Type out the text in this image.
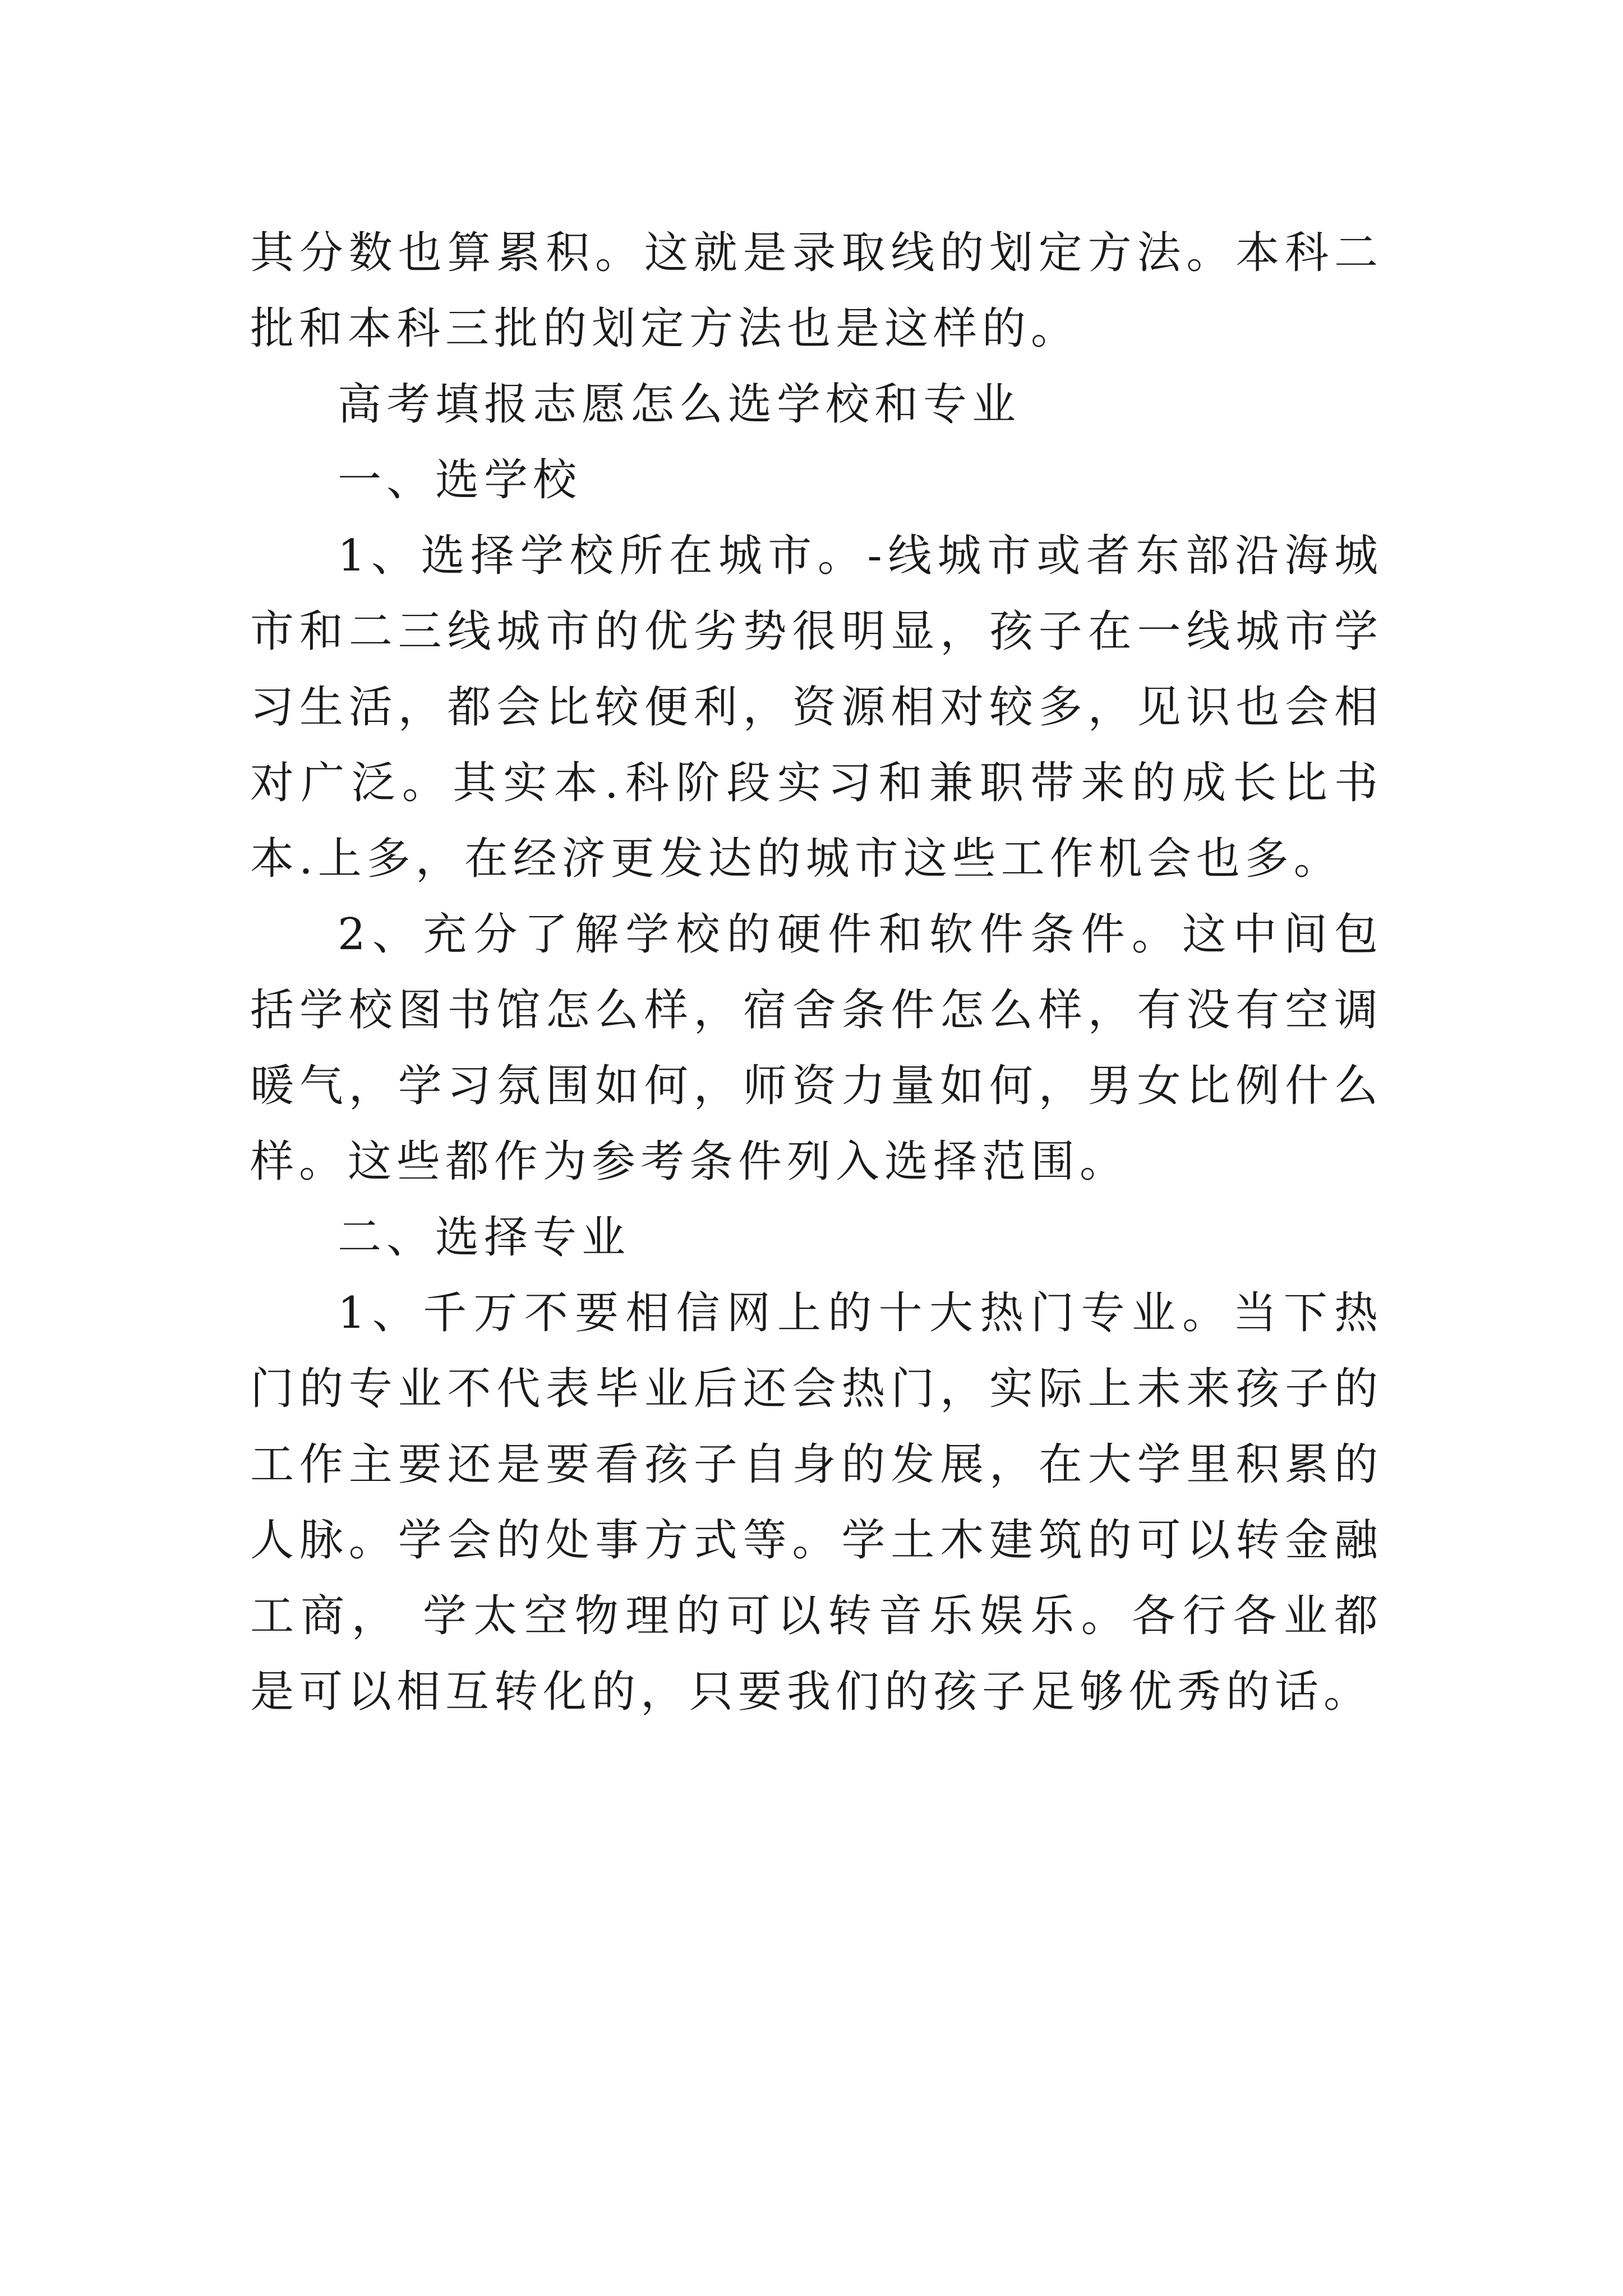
其分数也算累积。这就是录取线的划定方法。本科二批和本科三批的划定方法也是这样的。

高考填报志愿怎么选学校和专业

一、选学校

1、选择学校所在城市。-线城市或者东部沿海城市和二三线城市的优劣势很明显，孩子在一线城市学习生活，都会比较便利，资源相对较多，见识也会相对广泛。其实本.科阶段实习和兼职带来的成长比书本.上多，在经济更发达的城市这些工作机会也多。

2、充分了解学校的硬件和软件条件。这中间包括学校图书馆怎么样，宿舍条件怎么样，有没有空调暖气，学习氛围如何，师资力量如何，男女比例什么样。这些都作为参考条件列入选择范围。

二、选择专业

1、千万不要相信网上的十大热门专业。当下热门的专业不代表毕业后还会热门，实际上未来孩子的工作主要还是要看孩子自身的发展，在大学里积累的人脉。学会的处事方式等。学土木建筑的可以转金融工商， 学太空物理的可以转音乐娱乐。各行各业都是可以相互转化的，只要我们的孩子足够优秀的话。
